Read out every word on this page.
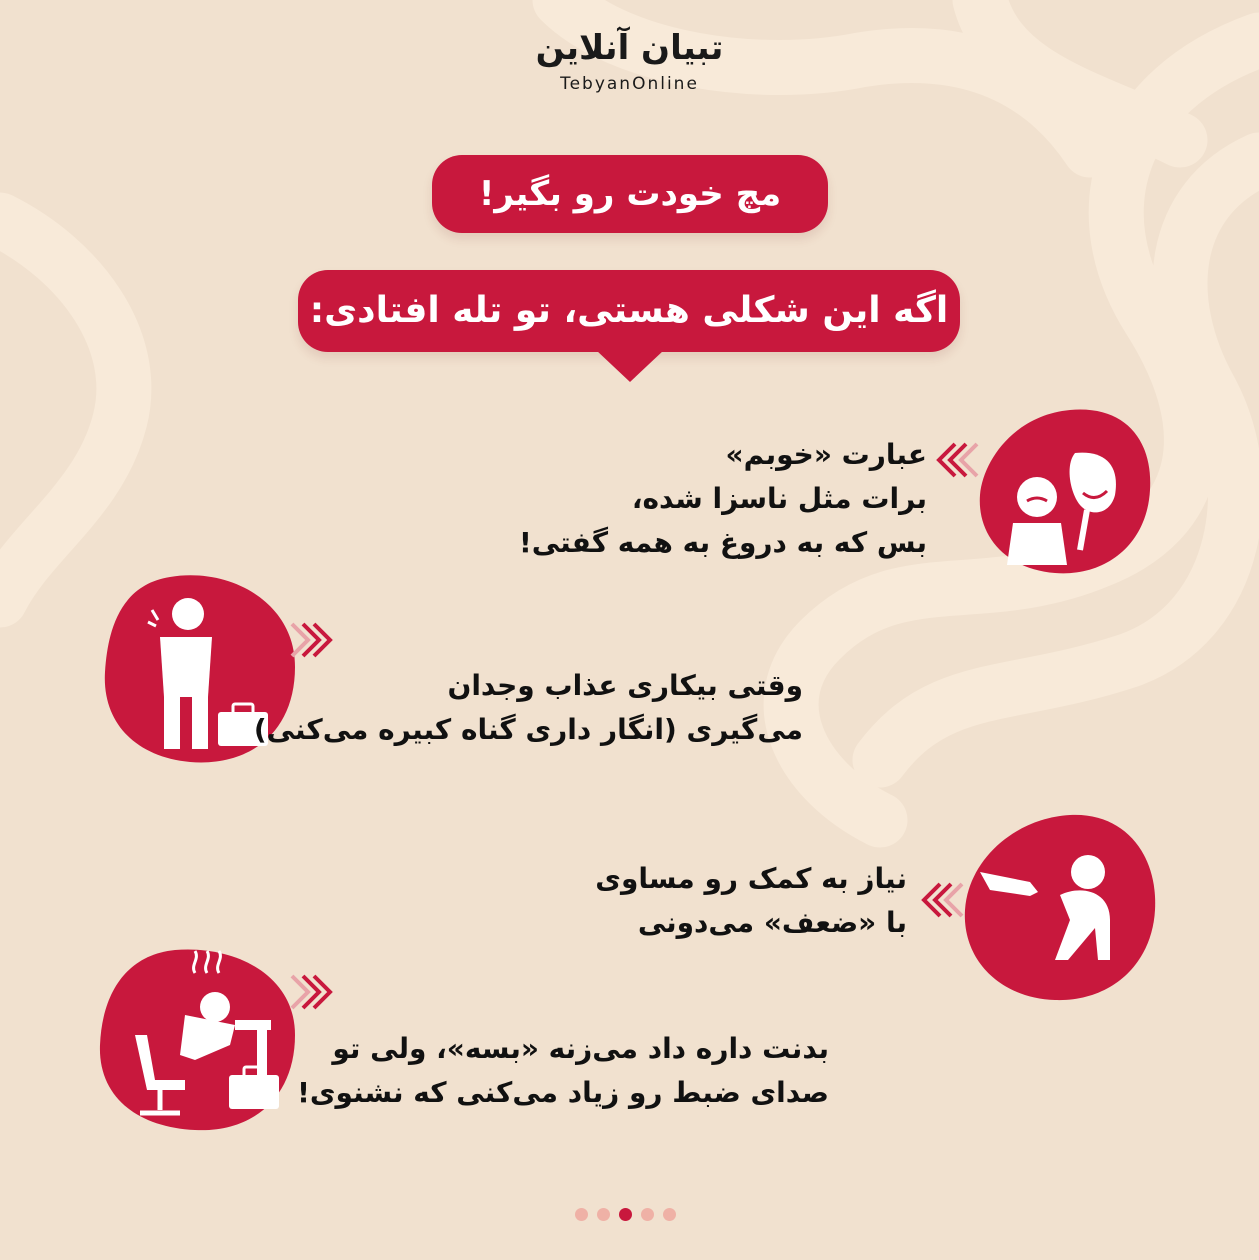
تبیان آنلاین
TebyanOnline
مچ خودت رو بگیر!
اگه این شکلی هستی، تو تله افتادی:
عبارت «خوبم»
برات مثل ناسزا شده،
بس که به دروغ به همه گفتی!
وقتی بیکاری عذاب وجدان
می‌گیری (انگار داری گناه کبیره می‌کنی)
نیاز به کمک رو مساوی
با «ضعف» می‌دونی
بدنت داره داد می‌زنه «بسه»، ولی تو
صدای ضبط رو زیاد می‌کنی که نشنوی!
